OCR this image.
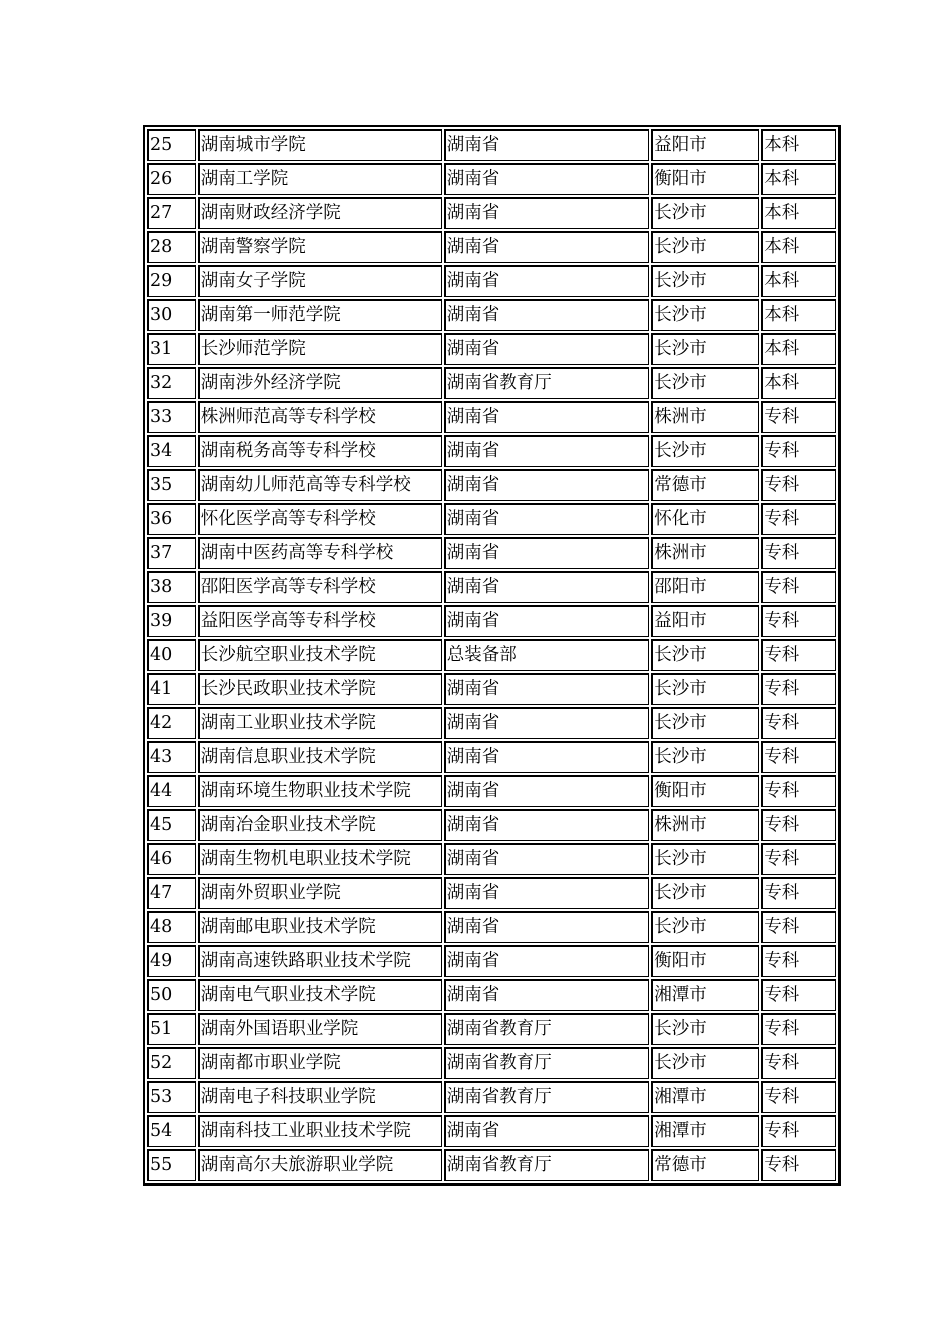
25	湖南城市学院	湖南省	益阳市	本科
26	湖南工学院	湖南省	衡阳市	本科
27	湖南财政经济学院	湖南省	长沙市	本科
28	湖南警察学院	湖南省	长沙市	本科
29	湖南女子学院	湖南省	长沙市	本科
30	湖南第一师范学院	湖南省	长沙市	本科
31	长沙师范学院	湖南省	长沙市	本科
32	湖南涉外经济学院	湖南省教育厅	长沙市	本科
33	株洲师范高等专科学校	湖南省	株洲市	专科
34	湖南税务高等专科学校	湖南省	长沙市	专科
35	湖南幼儿师范高等专科学校	湖南省	常德市	专科
36	怀化医学高等专科学校	湖南省	怀化市	专科
37	湖南中医药高等专科学校	湖南省	株洲市	专科
38	邵阳医学高等专科学校	湖南省	邵阳市	专科
39	益阳医学高等专科学校	湖南省	益阳市	专科
40	长沙航空职业技术学院	总装备部	长沙市	专科
41	长沙民政职业技术学院	湖南省	长沙市	专科
42	湖南工业职业技术学院	湖南省	长沙市	专科
43	湖南信息职业技术学院	湖南省	长沙市	专科
44	湖南环境生物职业技术学院	湖南省	衡阳市	专科
45	湖南冶金职业技术学院	湖南省	株洲市	专科
46	湖南生物机电职业技术学院	湖南省	长沙市	专科
47	湖南外贸职业学院	湖南省	长沙市	专科
48	湖南邮电职业技术学院	湖南省	长沙市	专科
49	湖南高速铁路职业技术学院	湖南省	衡阳市	专科
50	湖南电气职业技术学院	湖南省	湘潭市	专科
51	湖南外国语职业学院	湖南省教育厅	长沙市	专科
52	湖南都市职业学院	湖南省教育厅	长沙市	专科
53	湖南电子科技职业学院	湖南省教育厅	湘潭市	专科
54	湖南科技工业职业技术学院	湖南省	湘潭市	专科
55	湖南高尔夫旅游职业学院	湖南省教育厅	常德市	专科
